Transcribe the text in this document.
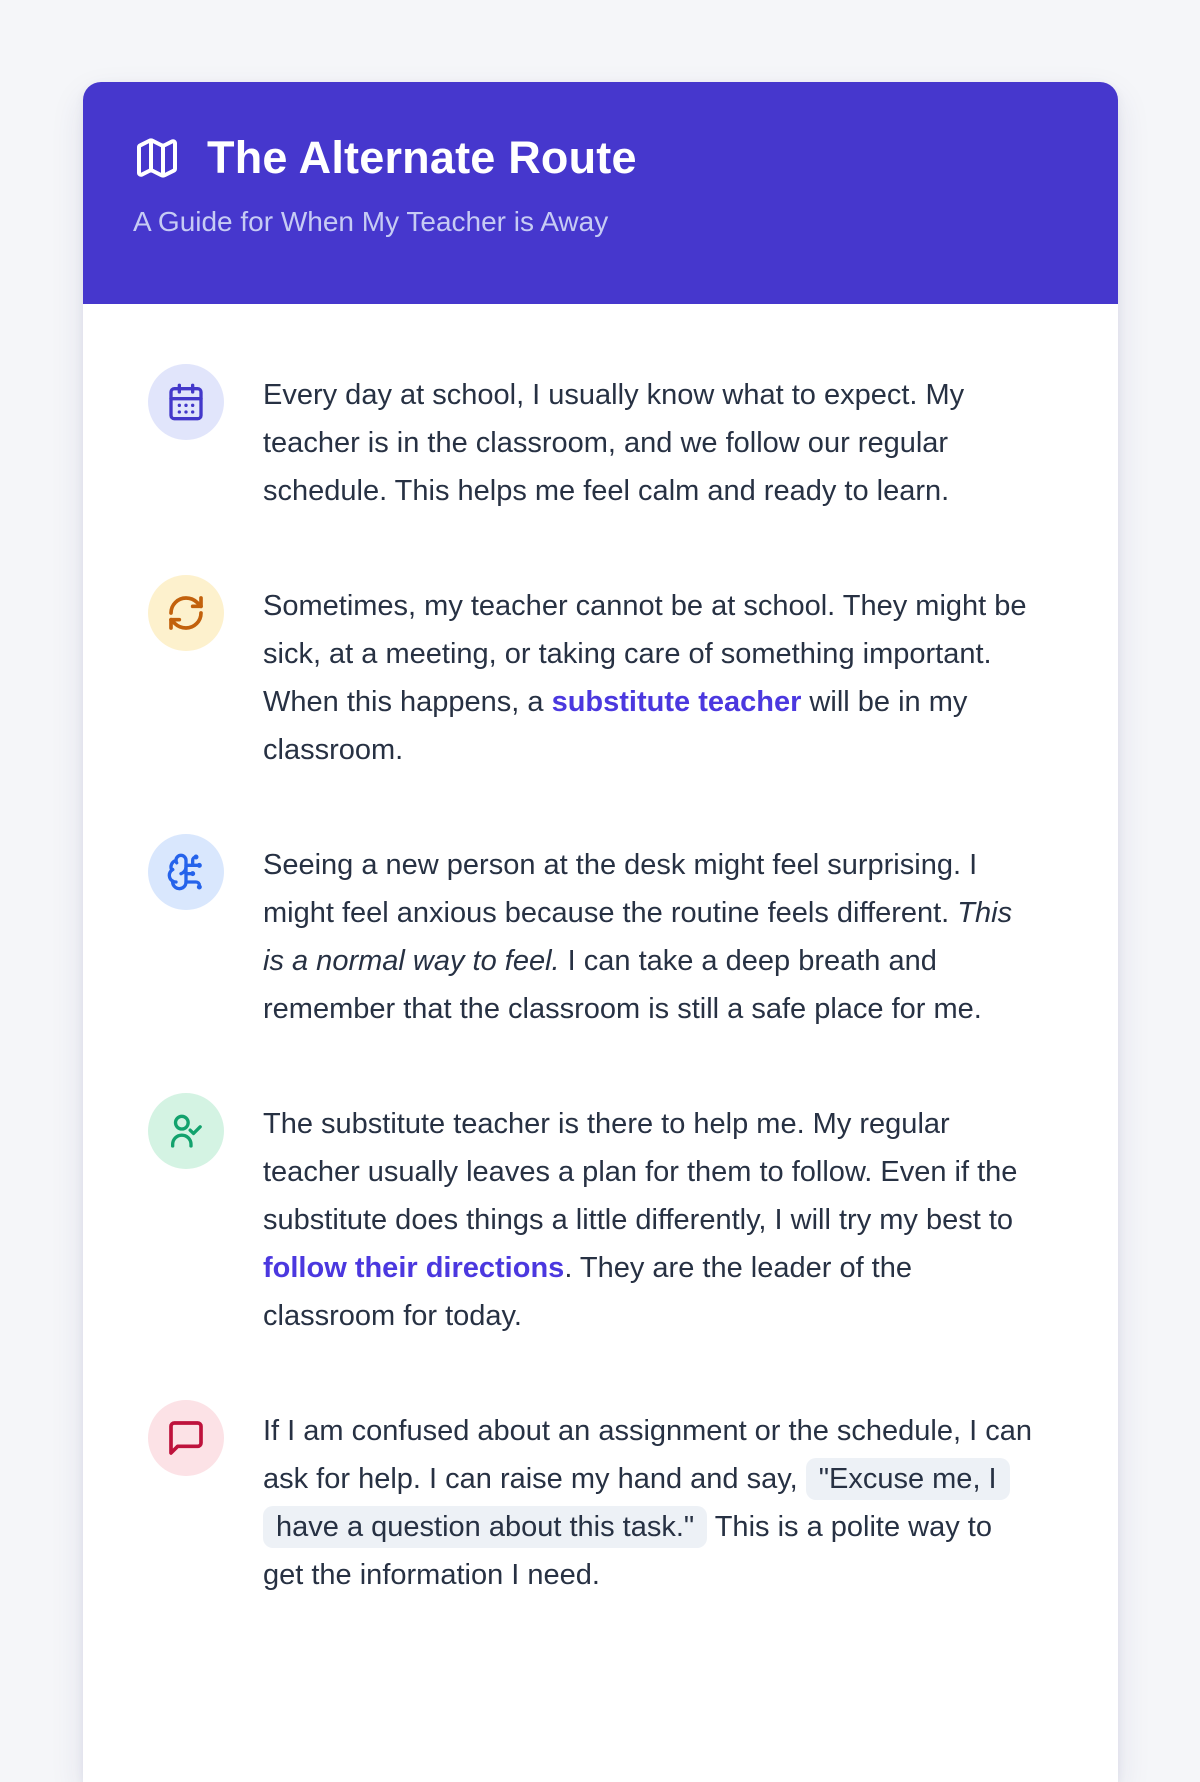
The Alternate Route
A Guide for When My Teacher is Away
Every day at school, I usually know what to expect. My teacher is in the classroom, and we follow our regular schedule. This helps me feel calm and ready to learn.
Sometimes, my teacher cannot be at school. They might be sick, at a meeting, or taking care of something important. When this happens, a substitute teacher will be in my classroom.
Seeing a new person at the desk might feel surprising. I might feel anxious because the routine feels different. This is a normal way to feel. I can take a deep breath and remember that the classroom is still a safe place for me.
The substitute teacher is there to help me. My regular teacher usually leaves a plan for them to follow. Even if the substitute does things a little differently, I will try my best to follow their directions. They are the leader of the classroom for today.
If I am confused about an assignment or the schedule, I can ask for help. I can raise my hand and say, "Excuse me, I have a question about this task." This is a polite way to get the information I need.
